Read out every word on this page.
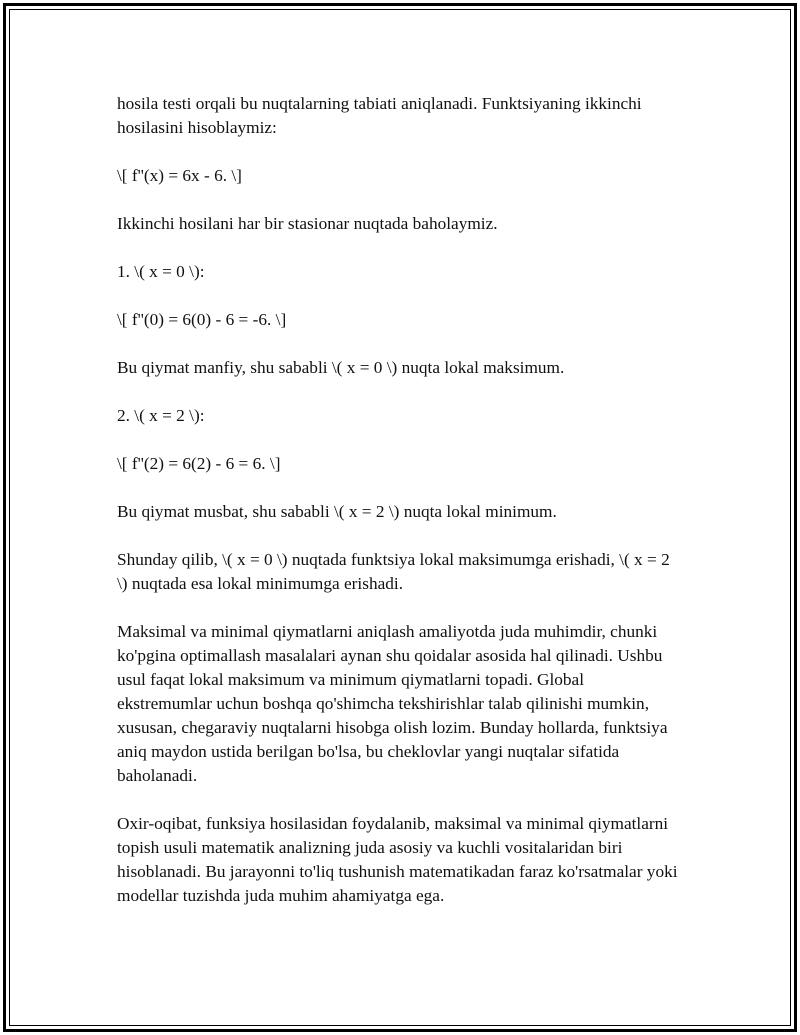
hosila testi orqali bu nuqtalarning tabiati aniqlanadi. Funktsiyaning ikkinchi hosilasini hisoblaymiz:

\[ f''(x) = 6x - 6. \]

Ikkinchi hosilani har bir stasionar nuqtada baholaymiz.

1. \( x = 0 \):

\[ f''(0) = 6(0) - 6 = -6. \]

Bu qiymat manfiy, shu sababli \( x = 0 \) nuqta lokal maksimum.

2. \( x = 2 \):

\[ f''(2) = 6(2) - 6 = 6. \]

Bu qiymat musbat, shu sababli \( x = 2 \) nuqta lokal minimum.

Shunday qilib, \( x = 0 \) nuqtada funktsiya lokal maksimumga erishadi, \( x = 2 \) nuqtada esa lokal minimumga erishadi.

Maksimal va minimal qiymatlarni aniqlash amaliyotda juda muhimdir, chunki ko'pgina optimallash masalalari aynan shu qoidalar asosida hal qilinadi. Ushbu usul faqat lokal maksimum va minimum qiymatlarni topadi. Global ekstremumlar uchun boshqa qo'shimcha tekshirishlar talab qilinishi mumkin, xususan, chegaraviy nuqtalarni hisobga olish lozim. Bunday hollarda, funktsiya aniq maydon ustida berilgan bo'lsa, bu cheklovlar yangi nuqtalar sifatida baholanadi.

Oxir-oqibat, funksiya hosilasidan foydalanib, maksimal va minimal qiymatlarni topish usuli matematik analizning juda asosiy va kuchli vositalaridan biri hisoblanadi. Bu jarayonni to'liq tushunish matematikadan faraz ko'rsatmalar yoki modellar tuzishda juda muhim ahamiyatga ega.
